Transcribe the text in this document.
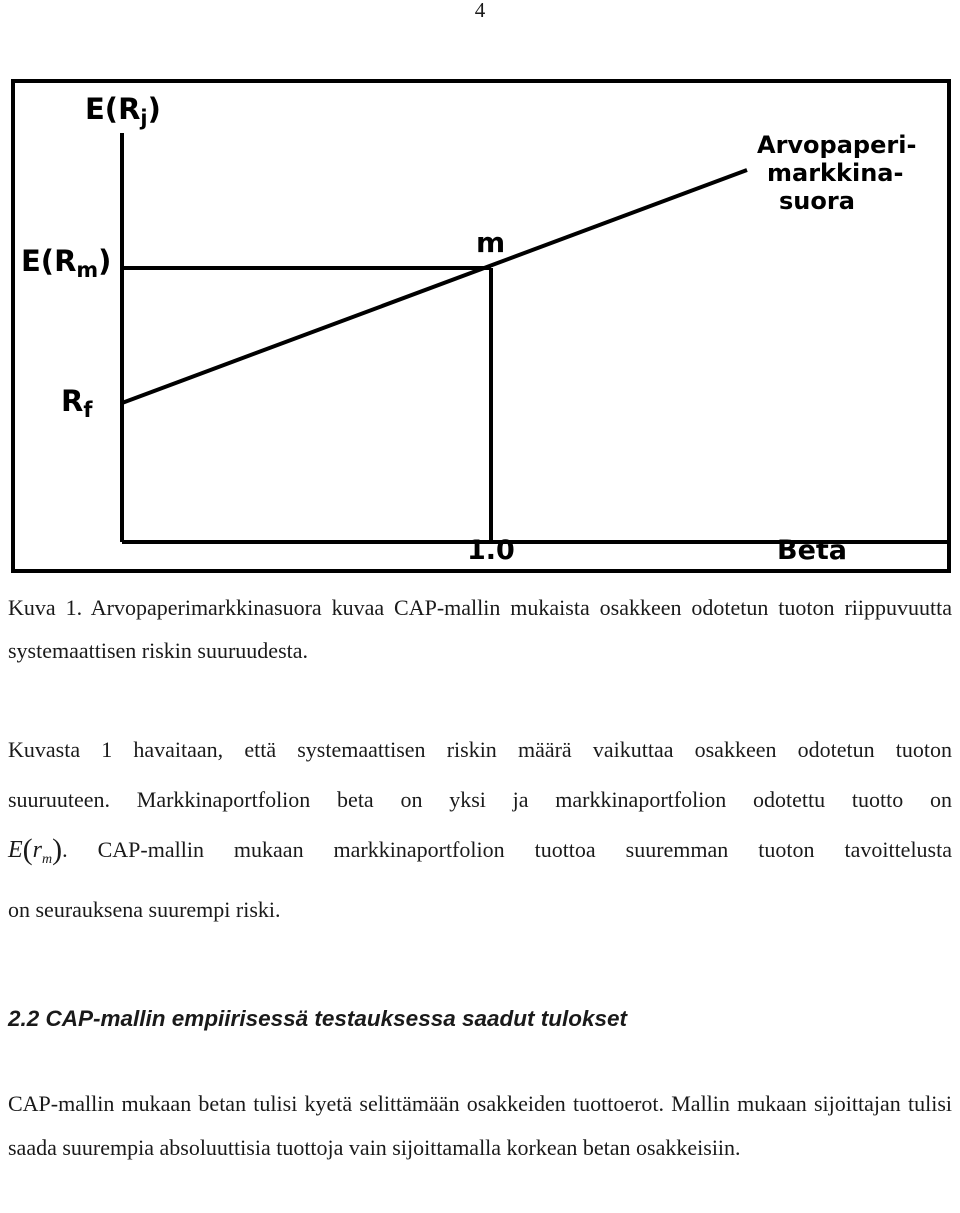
4
$E(R_j)$
$E(R_m)$
$R_f$
m
1.0	Beta
Arvopaperi-
markkina-
suora

Kuva 1. Arvopaperimarkkinasuora kuvaa CAP-mallin mukaista osakkeen odotetun tuoton riippuvuutta systemaattisen riskin suuruudesta.

Kuvasta 1 havaitaan, että systemaattisen riskin määrä vaikuttaa osakkeen odotetun tuoton
suuruuteen. Markkinaportfolion beta on yksi ja markkinaportfolion odotettu tuotto on
$E(r_m)$. CAP-mallin mukaan markkinaportfolion tuottoa suuremman tuoton tavoittelusta
on seurauksena suurempi riski.

2.2 CAP-mallin empiirisessä testauksessa saadut tulokset

CAP-mallin mukaan betan tulisi kyetä selittämään osakkeiden tuottoerot. Mallin mukaan sijoittajan tulisi saada suurempia absoluuttisia tuottoja vain sijoittamalla korkean betan osakkeisiin.
